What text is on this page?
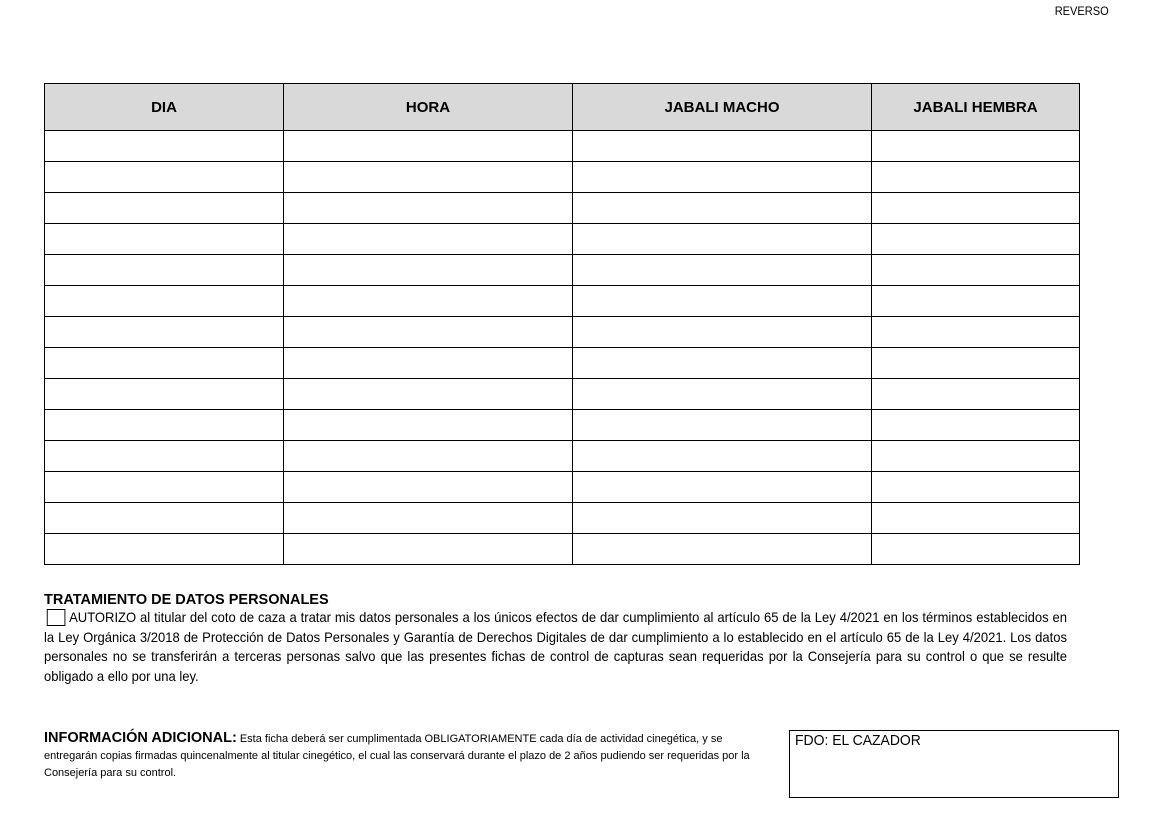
REVERSO
DIA	HORA	JABALI MACHO	JABALI HEMBRA

TRATAMIENTO DE DATOS PERSONALES
AUTORIZO al titular del coto de caza a tratar mis datos personales a los únicos efectos de dar cumplimiento al artículo 65 de la Ley 4/2021 en los términos establecidos en la Ley Orgánica 3/2018 de Protección de Datos Personales y Garantía de Derechos Digitales de dar cumplimiento a lo establecido en el artículo 65 de la Ley 4/2021. Los datos personales no se transferirán a terceras personas salvo que las presentes fichas de control de capturas sean requeridas por la Consejería para su control o que se resulte obligado a ello por una ley.
INFORMACIÓN ADICIONAL: Esta ficha deberá ser cumplimentada OBLIGATORIAMENTE cada día de actividad cinegética, y se entregarán copias firmadas quincenalmente al titular cinegético, el cual las conservará durante el plazo de 2 años pudiendo ser requeridas por la Consejería para su control.
FDO: EL CAZADOR
